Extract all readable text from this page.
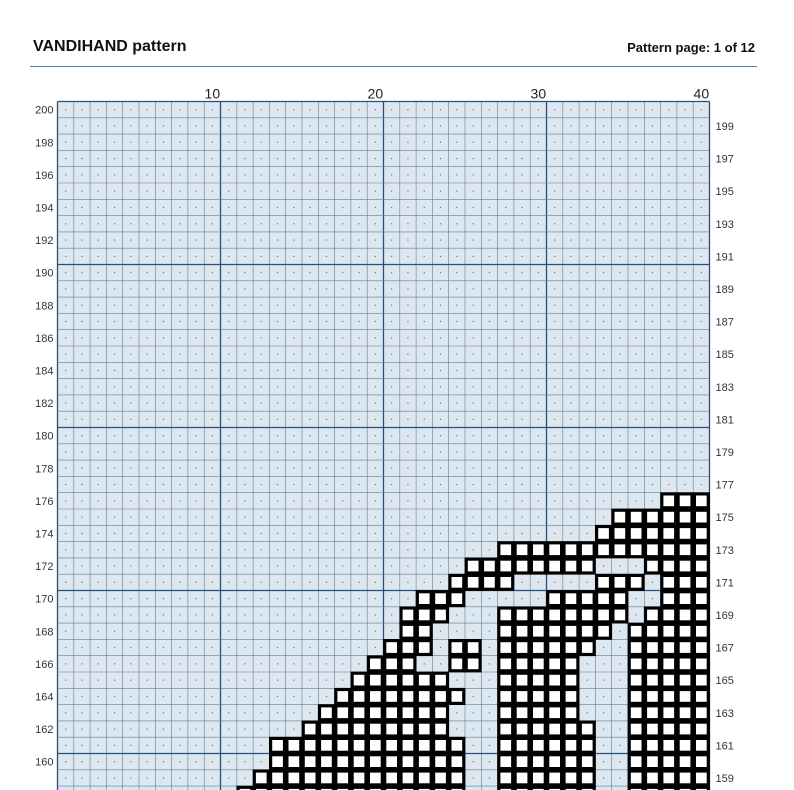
VANDIHAND pattern	Pattern page: 1 of 12
10	20	30	40
200
198
196
194
192
190
188
186
184
182
180
178
176
174
172
170
168
166
164
162
160
199
197
195
193
191
189
187
185
183
181
179
177
175
173
171
169
167
165
163
161
159
